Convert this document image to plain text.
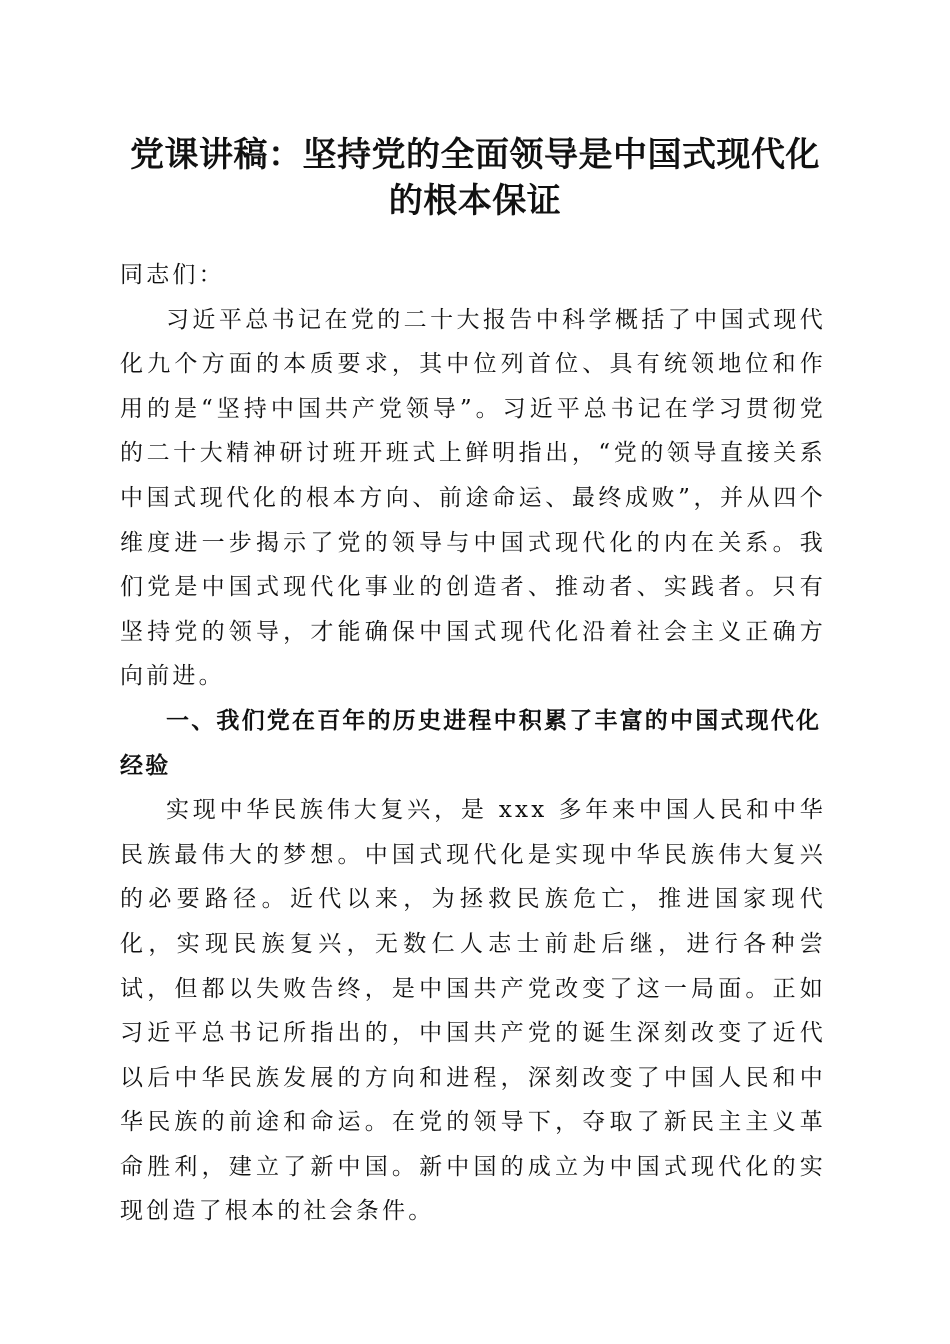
党课讲稿：坚持党的全面领导是中国式现代化
的根本保证

同志们：

习近平总书记在党的二十大报告中科学概括了中国式现代化九个方面的本质要求，其中位列首位、具有统领地位和作用的是“坚持中国共产党领导”。习近平总书记在学习贯彻党的二十大精神研讨班开班式上鲜明指出，“党的领导直接关系中国式现代化的根本方向、前途命运、最终成败”，并从四个维度进一步揭示了党的领导与中国式现代化的内在关系。我们党是中国式现代化事业的创造者、推动者、实践者。只有坚持党的领导，才能确保中国式现代化沿着社会主义正确方向前进。

一、我们党在百年的历史进程中积累了丰富的中国式现代化经验

实现中华民族伟大复兴，是 xxx 多年来中国人民和中华民族最伟大的梦想。中国式现代化是实现中华民族伟大复兴的必要路径。近代以来，为拯救民族危亡，推进国家现代化，实现民族复兴，无数仁人志士前赴后继，进行各种尝试，但都以失败告终，是中国共产党改变了这一局面。正如习近平总书记所指出的，中国共产党的诞生深刻改变了近代以后中华民族发展的方向和进程，深刻改变了中国人民和中华民族的前途和命运。在党的领导下，夺取了新民主主义革命胜利，建立了新中国。新中国的成立为中国式现代化的实现创造了根本的社会条件。
